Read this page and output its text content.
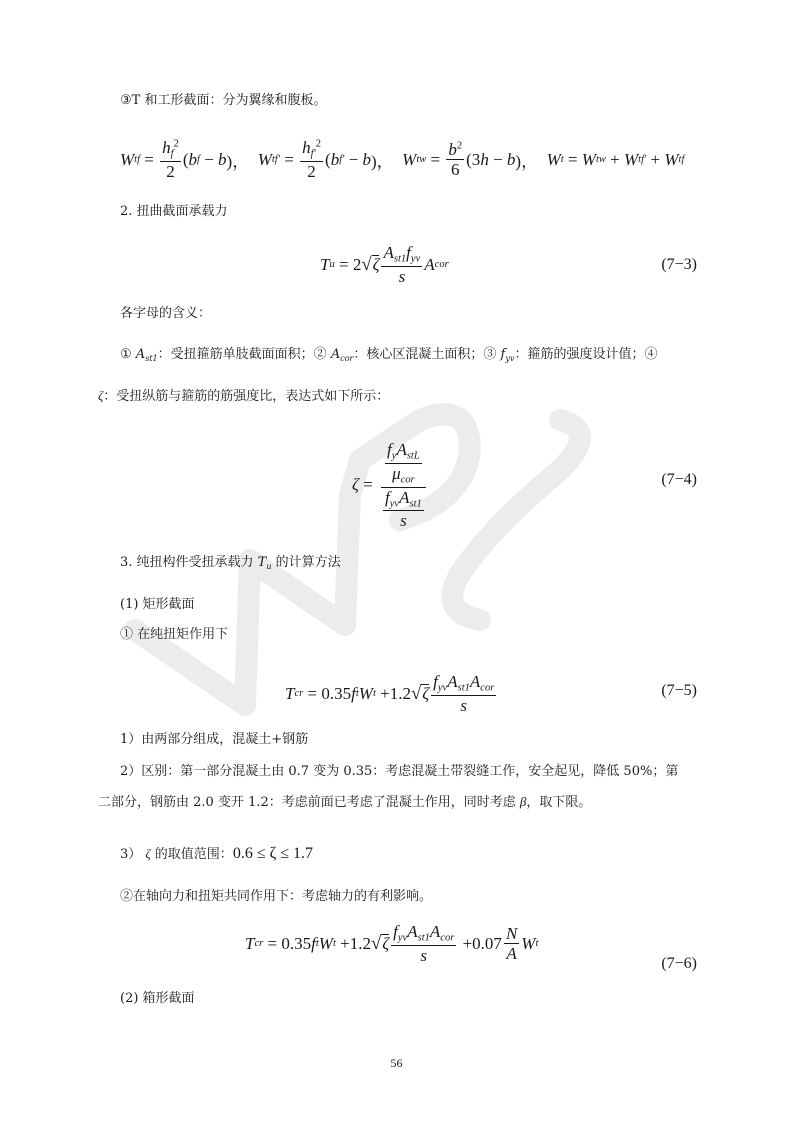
③T 和工形截面：分为翼缘和腹板。
W tf = $\frac{h_f^2}{2}$ ( b f − b )， W $tf' = \frac{h_{f'}^2}{2}$ ( b f' − b )， W tw = $\frac{b^2}{6} (3$ h − b )， W t = W tw + W tf' + W tf
2. 扭曲截面承载力
T u = 2 √ ζ $\frac{A_{st1}f_{yv}}{s}$ A cor	(7−3)
各字母的含义：
① $A_{st1}$：受扭箍筋单肢截面面积；② $A_{cor}$：核心区混凝土面积；③ $f_{yv}$：箍筋的强度设计值；④
ζ：受扭纵筋与箍筋的筋强度比，表达式如下所示：
$\zeta = \frac{\frac{f_yA_{stL}}{\mu_{cor}}}{\frac{f_{yv}A_{st1}}{s}}$	(7−4)
3. 纯扭构件受扭承载力 $T_u$ 的计算方法
(1) 矩形截面
① 在纯扭矩作用下
T cr = 0.35 f t W t +1.2 √ ζ $\frac{f_{yv}A_{st1}A_{cor}}{s}$	(7−5)
1）由两部分组成，混凝土+钢筋
2）区别：第一部分混凝土由 0.7 变为 0.35：考虑混凝土带裂缝工作，安全起见，降低 50%；第
二部分，钢筋由 2.0 变开 1.2：考虑前面已考虑了混凝土作用，同时考虑 β，取下限。
3） ζ 的取值范围：0.6 ≤ ζ ≤ 1.7
②在轴向力和扭矩共同作用下：考虑轴力的有利影响。
T cr = 0.35 f t W t +1.2 √ ζ $\frac{f_{yv}A_{st1}A_{cor}}{s} +0.07 \frac{N}{A}$ W t
(7−6)
(2) 箱形截面
56
